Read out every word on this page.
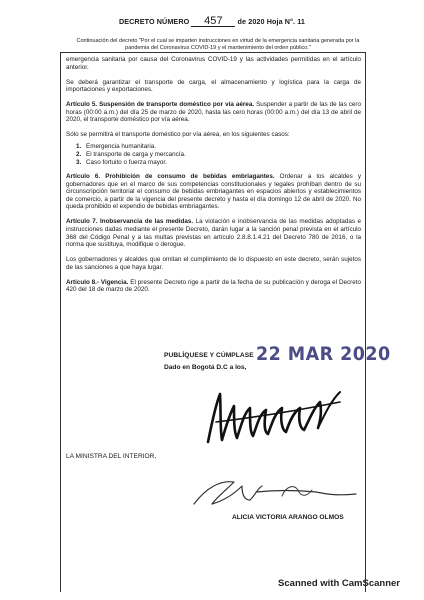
DECRETO NÚMERO 457 de 2020 Hoja N°. 11
Continuación del decreto "Por el cual se imparten instrucciones en virtud de la emergencia sanitaria generada por la pandemia del Coronavirus COVID-19 y el mantenimiento del orden público."

emergencia sanitaria por causa del Coronavirus COVID-19 y las actividades permitidas en el artículo anterior.

Se deberá garantizar el transporte de carga, el almacenamiento y logística para la carga de importaciones y exportaciones.

Artículo 5. Suspensión de transporte doméstico por vía aérea. Suspender a partir de las de las cero horas (00:00 a.m.) del día 25 de marzo de 2020, hasta las cero horas (00:00 a.m.) del día 13 de abril de 2020, el transporte doméstico por vía aérea.

Sólo se permitirá el transporte doméstico por vía aérea, en los siguientes casos:

1. Emergencia humanitaria.
2. El transporte de carga y mercancía.
3. Caso fortuito o fuerza mayor.

Artículo 6. Prohibición de consumo de bebidas embriagantes. Ordenar a los alcaldes y gobernadores que en el marco de sus competencias constitucionales y legales prohíban dentro de su circunscripción territorial el consumo de bebidas embriagantes en espacios abiertos y establecimientos de comercio, a partir de la vigencia del presente decreto y hasta el día domingo 12 de abril de 2020. No queda prohibido el expendio de bebidas embriagantes.

Artículo 7. Inobservancia de las medidas. La violación e inobservancia de las medidas adoptadas e instrucciones dadas mediante el presente Decreto, darán lugar a la sanción penal prevista en el artículo 368 del Código Penal y a las multas previstas en artículo 2.8.8.1.4.21 del Decreto 780 de 2016, o la norma que sustituya, modifique o derogue.

Los gobernadores y alcaldes que omitan el cumplimiento de lo dispuesto en este decreto, serán sujetos de las sanciones a que haya lugar.

Artículo 8.- Vigencia. El presente Decreto rige a partir de la fecha de su publicación y deroga el Decreto 420 del 18 de marzo de 2020.

PUBLÍQUESE Y CÚMPLASE 22 MAR 2020
Dado en Bogotá D.C a los,
LA MINISTRA DEL INTERIOR,
ALICIA VICTORIA ARANGO OLMOS
Scanned with CamScanner
